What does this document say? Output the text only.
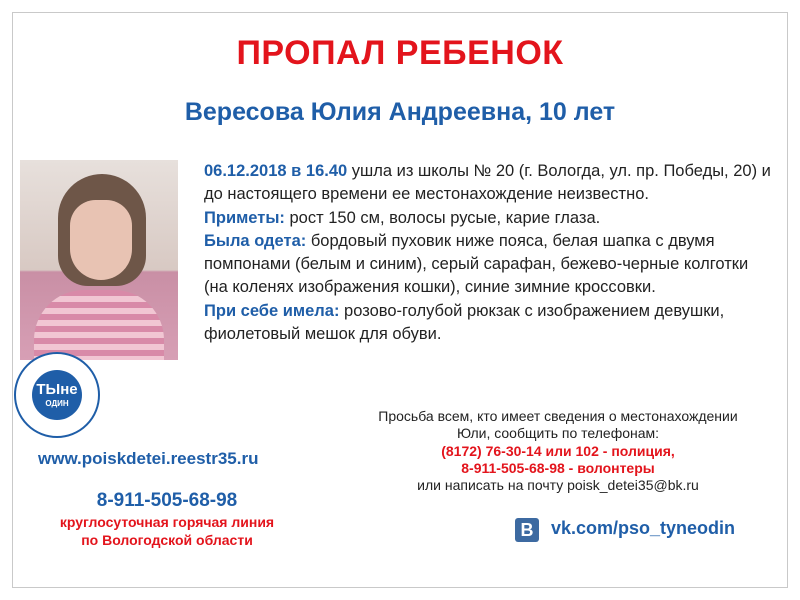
ПРОПАЛ РЕБЕНОК
Вересова Юлия Андреевна, 10 лет
ТЫне
ОДИН

06.12.2018 в 16.40 ушла из школы № 20 (г. Вологда, ул. пр. Победы, 20) и до настоящего времени ее местонахождение неизвестно.

Приметы: рост 150 см, волосы русые, карие глаза.

Была одета: бордовый пуховик ниже пояса, белая шапка с двумя помпонами (белым и синим), серый сарафан, бежево-черные колготки (на коленях изображения кошки), синие зимние кроссовки.

При себе имела: розово-голубой рюкзак с изображением девушки, фиолетовый мешок для обуви.

www.poiskdetei.reestr35.ru
8-911-505-68-98
круглосуточная горячая линия
по Вологодской области
Просьба всем, кто имеет сведения о местонахождении
Юли, сообщить по телефонам:
(8172) 76-30-14 или 102 - полиция,
8-911-505-68-98 - волонтеры
или написать на почту poisk_detei35@bk.ru
B vk.com/pso_tyneodin
